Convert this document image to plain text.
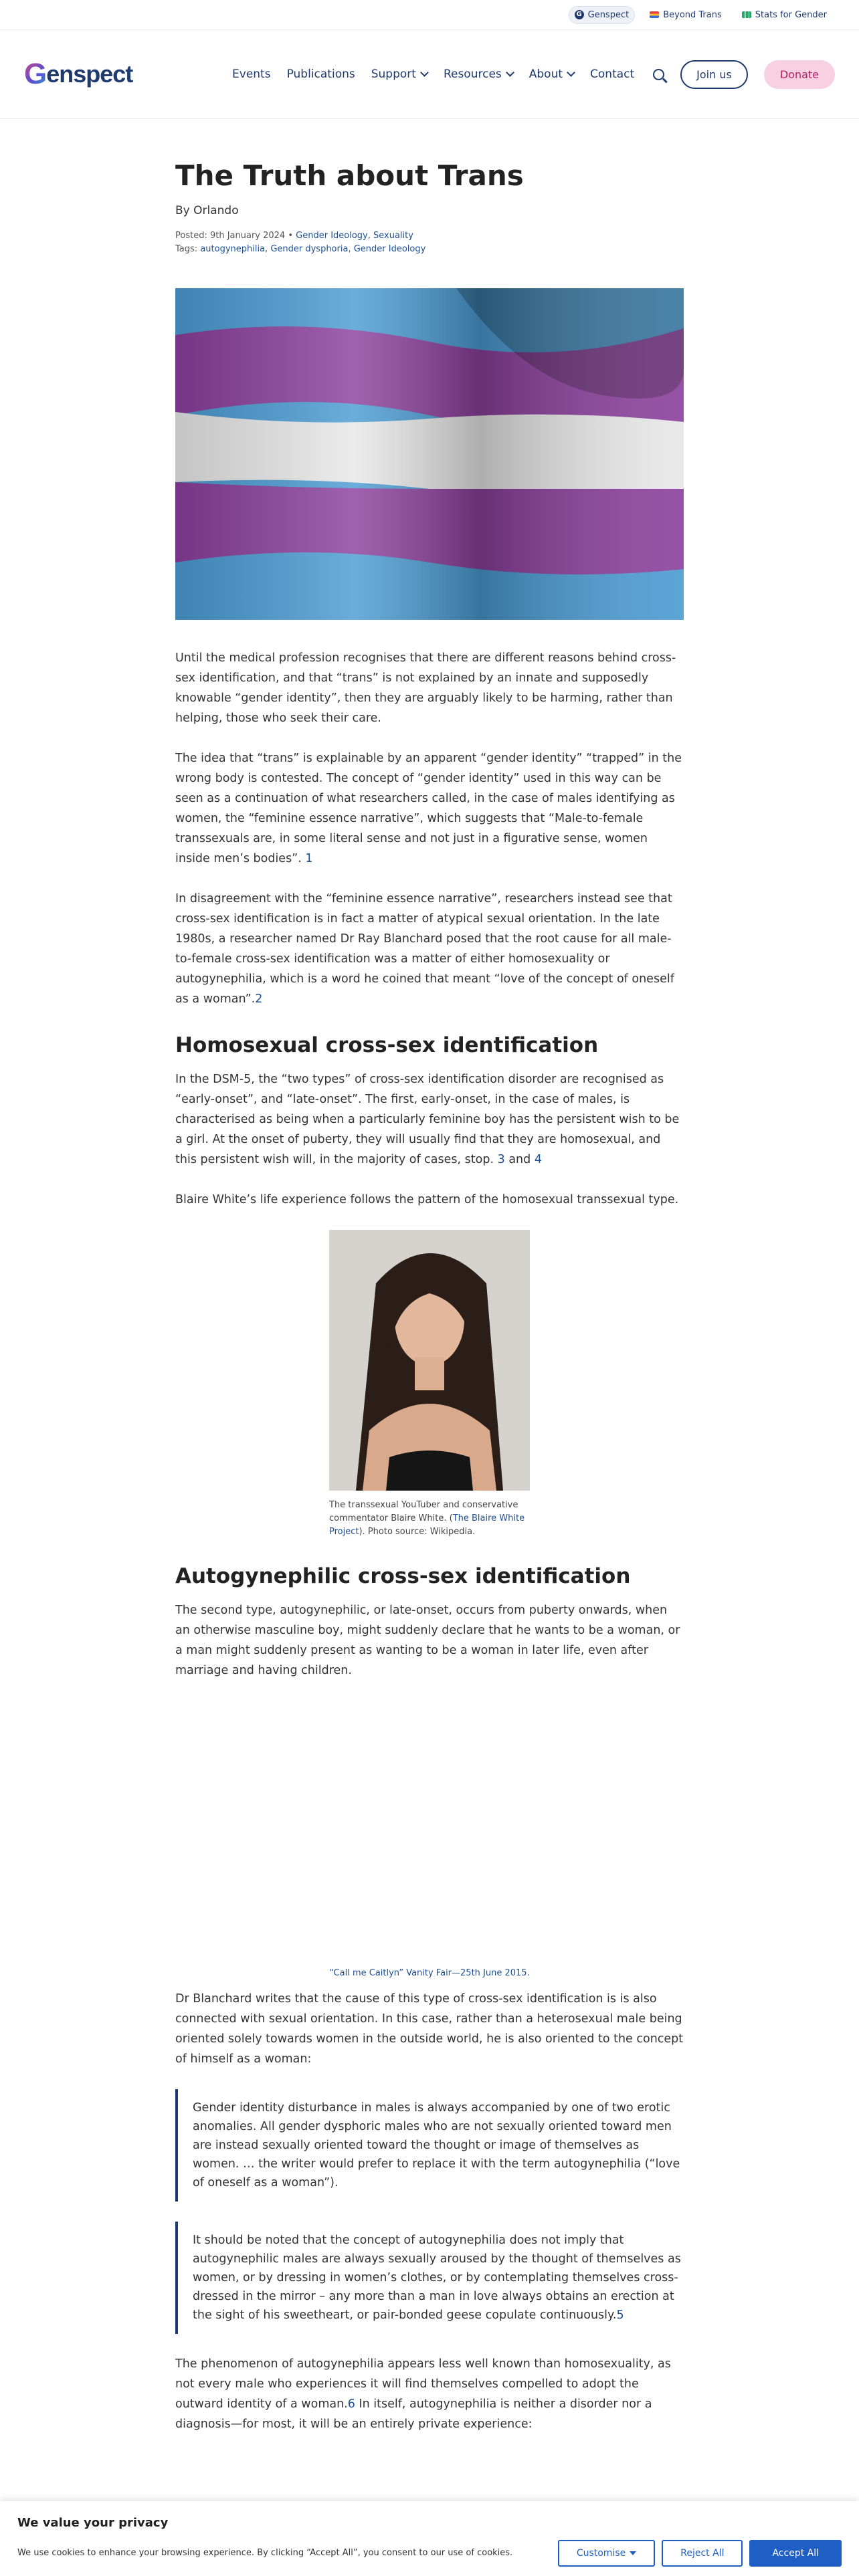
G Genspect	Beyond Trans	Stats for Gender
G enspect	Events Publications Support Resources About Contact	Join us	Donate
The Truth about Trans
By Orlando
Posted: 9th January 2024 • Gender Ideology, Sexuality
Tags: autogynephilia, Gender dysphoria, Gender Ideology

Until the medical profession recognises that there are different reasons behind cross-sex identification, and that “trans” is not explained by an innate and supposedly knowable “gender identity”, then they are arguably likely to be harming, rather than helping, those who seek their care.

The idea that “trans” is explainable by an apparent “gender identity” “trapped” in the wrong body is contested. The concept of “gender identity” used in this way can be seen as a continuation of what researchers called, in the case of males identifying as women, the “feminine essence narrative”, which suggests that “Male-to-female transsexuals are, in some literal sense and not just in a figurative sense, women inside men’s bodies”. 1

In disagreement with the “feminine essence narrative”, researchers instead see that cross-sex identification is in fact a matter of atypical sexual orientation. In the late 1980s, a researcher named Dr Ray Blanchard posed that the root cause for all male-to-female cross-sex identification was a matter of either homosexuality or autogynephilia, which is a word he coined that meant “love of the concept of oneself as a woman”.2

Homosexual cross-sex identification

In the DSM-5, the “two types” of cross-sex identification disorder are recognised as “early-onset”, and “late-onset”. The first, early-onset, in the case of males, is characterised as being when a particularly feminine boy has the persistent wish to be a girl. At the onset of puberty, they will usually find that they are homosexual, and this persistent wish will, in the majority of cases, stop. 3 and 4

Blaire White’s life experience follows the pattern of the homosexual transsexual type.

The transsexual YouTuber and conservative commentator Blaire White. (The Blaire White Project). Photo source: Wikipedia.
Autogynephilic cross-sex identification

The second type, autogynephilic, or late-onset, occurs from puberty onwards, when an otherwise masculine boy, might suddenly declare that he wants to be a woman, or a man might suddenly present as wanting to be a woman in later life, even after marriage and having children.

“Call me Caitlyn” Vanity Fair—25th June 2015.

Dr Blanchard writes that the cause of this type of cross-sex identification is is also connected with sexual orientation. In this case, rather than a heterosexual male being oriented solely towards women in the outside world, he is also oriented to the concept of himself as a woman:

Gender identity disturbance in males is always accompanied by one of two erotic anomalies. All gender dysphoric males who are not sexually oriented toward men are instead sexually oriented toward the thought or image of themselves as women. … the writer would prefer to replace it with the term autogynephilia (“love of oneself as a woman”).
It should be noted that the concept of autogynephilia does not imply that autogynephilic males are always sexually aroused by the thought of themselves as women, or by dressing in women’s clothes, or by contemplating themselves cross-dressed in the mirror – any more than a man in love always obtains an erection at the sight of his sweetheart, or pair-bonded geese copulate continuously.5

The phenomenon of autogynephilia appears less well known than homosexuality, as not every male who experiences it will find themselves compelled to adopt the outward identity of a woman.6 In itself, autogynephilia is neither a disorder nor a diagnosis—for most, it will be an entirely private experience:

We value your privacy
We use cookies to enhance your browsing experience. By clicking “Accept All”, you consent to our use of cookies.	Customise	Reject All	Accept All
